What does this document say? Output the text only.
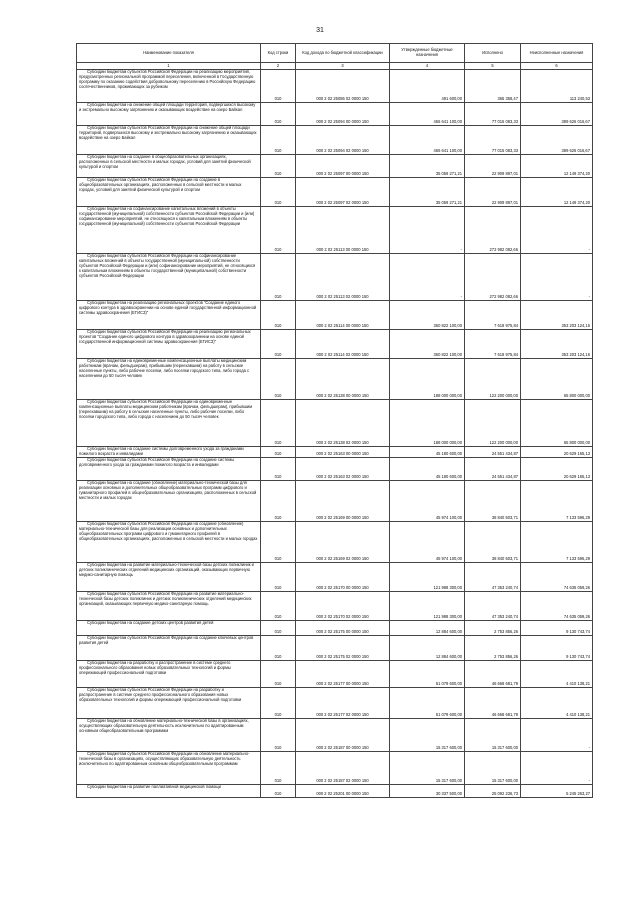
31
Наименование показателя	Код строки	Код дохода по бюджетной классификации	Утвержденные бюджетные назначения	Исполнено	Неисполненные назначения
1	2	3	4	5	6
Субсидии бюджетам субъектов Российской Федерации на реализацию мероприятий, предусмотренных региональной программой переселения, включенной в Государственную программу по оказанию содействия добровольному переселению в Российскую Федерацию соотечественников, проживающих за рубежом	010	000 2 02 25086 02 0000 150	491 600,00	365 358,47	113 240,53
Субсидии бюджетам на снижение общей площади территорий, подвергшихся высокому и экстремально высокому загрязнению и оказывающих воздействие на озеро Байкал	010	000 2 02 25094 00 0000 150	466 641 100,00	77 015 083,33	389 626 016,67
Субсидии бюджетам субъектов Российской Федерации на снижение общей площади территорий, подвергшихся высокому и экстремально высокому загрязнению и оказывающих воздействие на озеро Байкал	010	000 2 02 25094 02 0000 150	466 641 100,00	77 015 083,33	389 626 016,67
Субсидии бюджетам на создание в общеобразовательных организациях, расположенных в сельской местности и малых городах, условий для занятий физической культурой и спортом	010	000 2 02 25097 00 0000 150	35 059 271,21	22 909 897,01	12 149 374,20
Субсидии бюджетам субъектов Российской Федерации на создание в общеобразовательных организациях, расположенных в сельской местности и малых городах, условий для занятий физической культурой и спортом	010	000 2 02 25097 02 0000 150	35 059 271,21	22 909 897,01	12 149 374,20
Субсидии бюджетам на софинансирование капитальных вложений в объекты государственной (муниципальной) собственности субъектов Российской Федерации и (или) софинансирование мероприятий, не относящихся к капитальным вложениям в объекты государственной (муниципальной) собственности субъектов Российской Федерации	010	000 2 02 25113 00 0000 150	-	272 982 082,66	-
Субсидии бюджетам субъектов Российской Федерации на софинансирование капитальных вложений в объекты государственной (муниципальной) собственности субъектов Российской Федерации и (или) софинансирование мероприятий, не относящихся к капитальным вложениям в объекты государственной (муниципальной) собственности субъектов Российской Федерации	010	000 2 02 25113 02 0000 150	-	272 982 082,66	-
Субсидии бюджетам на реализацию региональных проектов "Создание единого цифрового контура в здравоохранении на основе единой государственной информационной системы здравоохранения (ЕГИСЗ)"	010	000 2 02 25114 00 0000 150	360 822 100,00	7 618 975,84	353 203 124,16
Субсидии бюджетам субъектов Российской Федерации на реализацию региональных проектов "Создание единого цифрового контура в здравоохранении на основе единой государственной информационной системы здравоохранения (ЕГИСЗ)"	010	000 2 02 25114 02 0000 150	360 822 100,00	7 618 975,84	353 203 124,16
Субсидии бюджетам на единовременные компенсационные выплаты медицинским работникам (врачам, фельдшерам), прибывшим (переехавшим) на работу в сельские населенные пункты, либо рабочие поселки, либо поселки городского типа, либо города с населением до 50 тысяч человек	010	000 2 02 25138 00 0000 150	188 000 000,00	122 200 000,00	65 800 000,00
Субсидии бюджетам субъектов Российской Федерации на единовременные компенсационные выплаты медицинским работникам (врачам, фельдшерам), прибывшим (переехавшим) на работу в сельские населенные пункты, либо рабочие поселки, либо поселки городского типа, либо города с населением до 50 тысяч человек	010	000 2 02 25138 02 0000 150	188 000 000,00	122 200 000,00	65 800 000,00
Субсидии бюджетам на создание системы долговременного ухода за гражданами пожилого возраста и инвалидами	010	000 2 02 25163 00 0000 150	45 180 600,00	24 551 434,87	20 629 165,13
Субсидии бюджетам субъектов Российской Федерации на создание системы долговременного ухода за гражданами пожилого возраста и инвалидами	010	000 2 02 25163 02 0000 150	45 180 600,00	24 551 434,87	20 629 165,13
Субсидии бюджетам на создание (обновление) материально-технической базы для реализации основных и дополнительных общеобразовательных программ цифрового и гуманитарного профилей в общеобразовательных организациях, расположенных в сельской местности и малых городах	010	000 2 02 25169 00 0000 150	45 974 100,00	38 840 503,71	7 133 596,29
Субсидии бюджетам субъектов Российской Федерации на создание (обновление) материально-технической базы для реализации основных и дополнительных общеобразовательных программ цифрового и гуманитарного профилей в общеобразовательных организациях, расположенных в сельской местности и малых городах	010	000 2 02 25169 02 0000 150	45 974 100,00	38 840 503,71	7 133 596,29
Субсидии бюджетам на развитие материально-технической базы детских поликлиник и детских поликлинических отделений медицинских организаций, оказывающих первичную медико-санитарную помощь	010	000 2 02 25170 00 0000 150	121 988 300,00	47 353 240,74	74 635 059,26
Субсидии бюджетам субъектов Российской Федерации на развитие материально-технической базы детских поликлиник и детских поликлинических отделений медицинских организаций, оказывающих первичную медико-санитарную помощь	010	000 2 02 25170 02 0000 150	121 988 300,00	47 353 240,74	74 635 059,26
Субсидии бюджетам на создание детских центров развития детей	010	000 2 02 25175 00 0000 150	12 884 600,00	2 753 856,26	9 130 743,74
Субсидии бюджетам субъектов Российской Федерации на создание ключевых центров развития детей	010	000 2 02 25175 02 0000 150	12 884 600,00	2 753 856,26	9 130 743,74
Субсидии бюджетам на разработку и распространение в системе среднего профессионального образования новых образовательных технологий и формы опережающей профессиональной подготовки	010	000 2 02 25177 00 0000 150	51 079 600,00	46 668 681,79	4 410 138,21
Субсидии бюджетам субъектов Российской Федерации на разработку и распространение в системе среднего профессионального образования новых образовательных технологий и формы опережающей профессиональной подготовки	010	000 2 02 25177 02 0000 150	51 079 600,00	46 668 681,79	4 410 138,21
Субсидии бюджетам на обновление материально-технической базы в организациях, осуществляющих образовательную деятельность исключительно по адаптированным основным общеобразовательным программам	010	000 2 02 25187 00 0000 150	15 317 600,00	15 317 600,00	-
Субсидии бюджетам субъектов Российской Федерации на обновление материально-технической базы в организациях, осуществляющих образовательную деятельность исключительно по адаптированным основным общеобразовательным программам	010	000 2 02 25187 02 0000 150	15 317 600,00	15 317 600,00	-
Субсидии бюджетам на развитие паллиативной медицинской помощи	010	000 2 02 25201 00 0000 150	30 337 500,00	25 092 236,73	5 245 263,27
